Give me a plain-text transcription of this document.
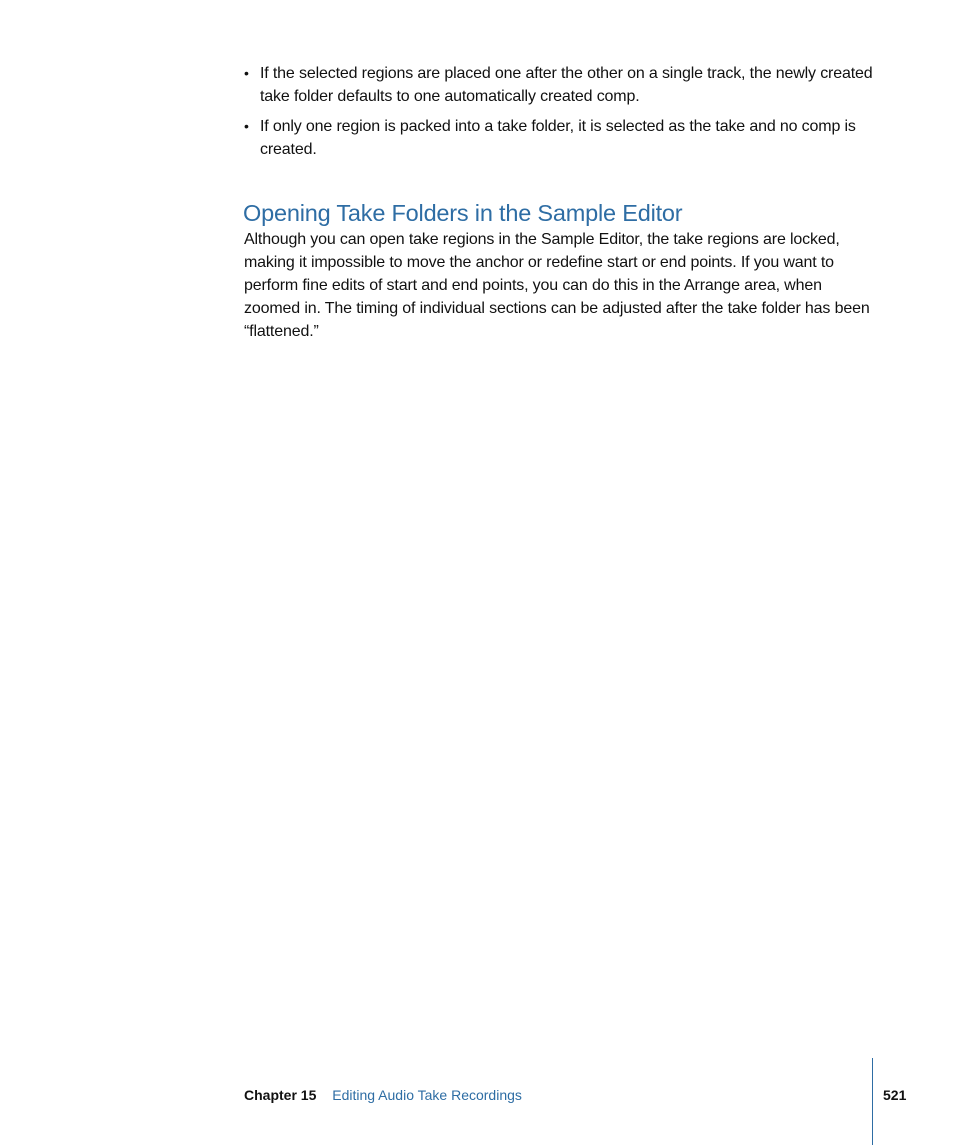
• If the selected regions are placed one after the other on a single track, the newly created take folder defaults to one automatically created comp.
• If only one region is packed into a take folder, it is selected as the take and no comp is created.
Opening Take Folders in the Sample Editor

Although you can open take regions in the Sample Editor, the take regions are locked, making it impossible to move the anchor or redefine start or end points. If you want to perform fine edits of start and end points, you can do this in the Arrange area, when zoomed in. The timing of individual sections can be adjusted after the take folder has been “flattened.”

Chapter 15 Editing Audio Take Recordings	521
